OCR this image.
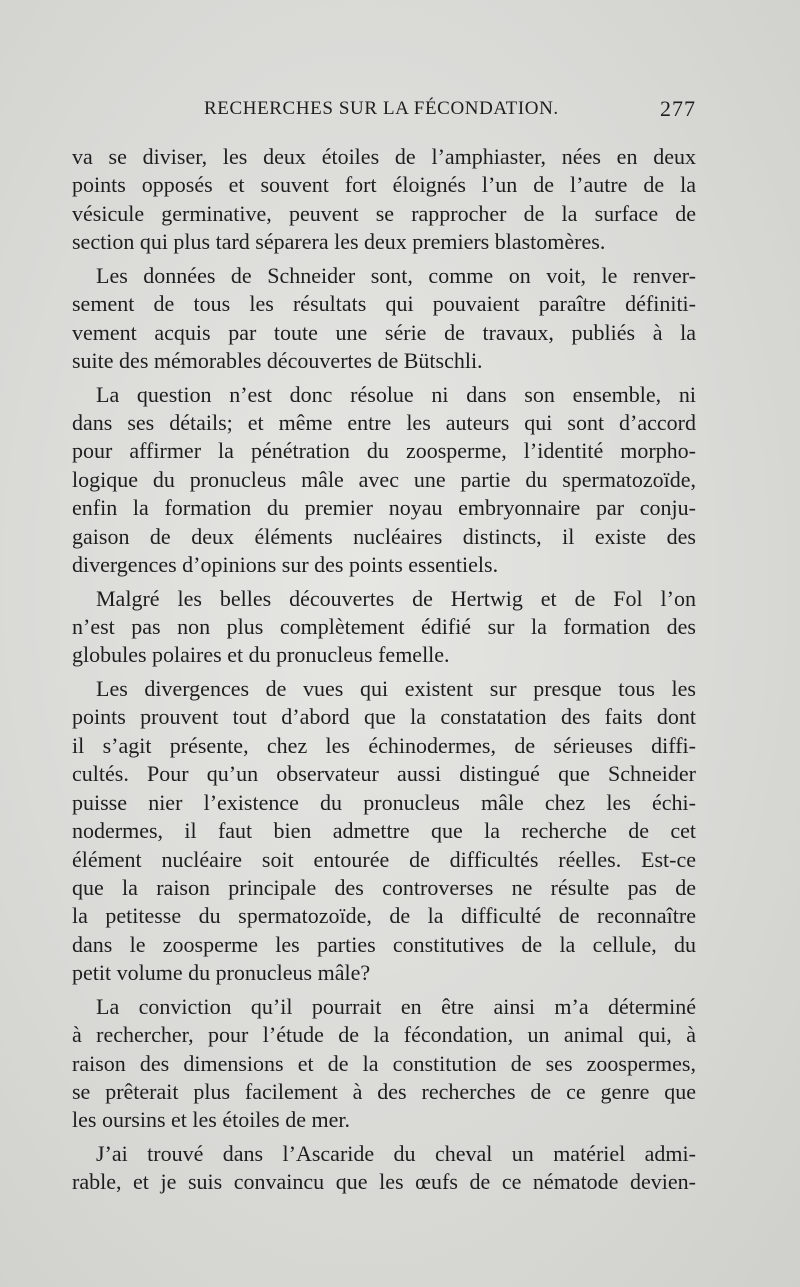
RECHERCHES SUR LA FÉCONDATION.	277
va se diviser, les deux étoiles de l’amphiaster, nées en deux
points opposés et souvent fort éloignés l’un de l’autre de la
vésicule germinative, peuvent se rapprocher de la surface de
section qui plus tard séparera les deux premiers blastomères.
Les données de Schneider sont, comme on voit, le renver-
sement de tous les résultats qui pouvaient paraître définiti-
vement acquis par toute une série de travaux, publiés à la
suite des mémorables découvertes de Bütschli.
La question n’est donc résolue ni dans son ensemble, ni
dans ses détails; et même entre les auteurs qui sont d’accord
pour affirmer la pénétration du zoosperme, l’identité morpho-
logique du pronucleus mâle avec une partie du spermatozoïde,
enfin la formation du premier noyau embryonnaire par conju-
gaison de deux éléments nucléaires distincts, il existe des
divergences d’opinions sur des points essentiels.
Malgré les belles découvertes de Hertwig et de Fol l’on
n’est pas non plus complètement édifié sur la formation des
globules polaires et du pronucleus femelle.
Les divergences de vues qui existent sur presque tous les
points prouvent tout d’abord que la constatation des faits dont
il s’agit présente, chez les échinodermes, de sérieuses diffi-
cultés. Pour qu’un observateur aussi distingué que Schneider
puisse nier l’existence du pronucleus mâle chez les échi-
nodermes, il faut bien admettre que la recherche de cet
élément nucléaire soit entourée de difficultés réelles. Est-ce
que la raison principale des controverses ne résulte pas de
la petitesse du spermatozoïde, de la difficulté de reconnaître
dans le zoosperme les parties constitutives de la cellule, du
petit volume du pronucleus mâle?
La conviction qu’il pourrait en être ainsi m’a déterminé
à rechercher, pour l’étude de la fécondation, un animal qui, à
raison des dimensions et de la constitution de ses zoospermes,
se prêterait plus facilement à des recherches de ce genre que
les oursins et les étoiles de mer.
J’ai trouvé dans l’Ascaride du cheval un matériel admi-
rable, et je suis convaincu que les œufs de ce nématode devien-
